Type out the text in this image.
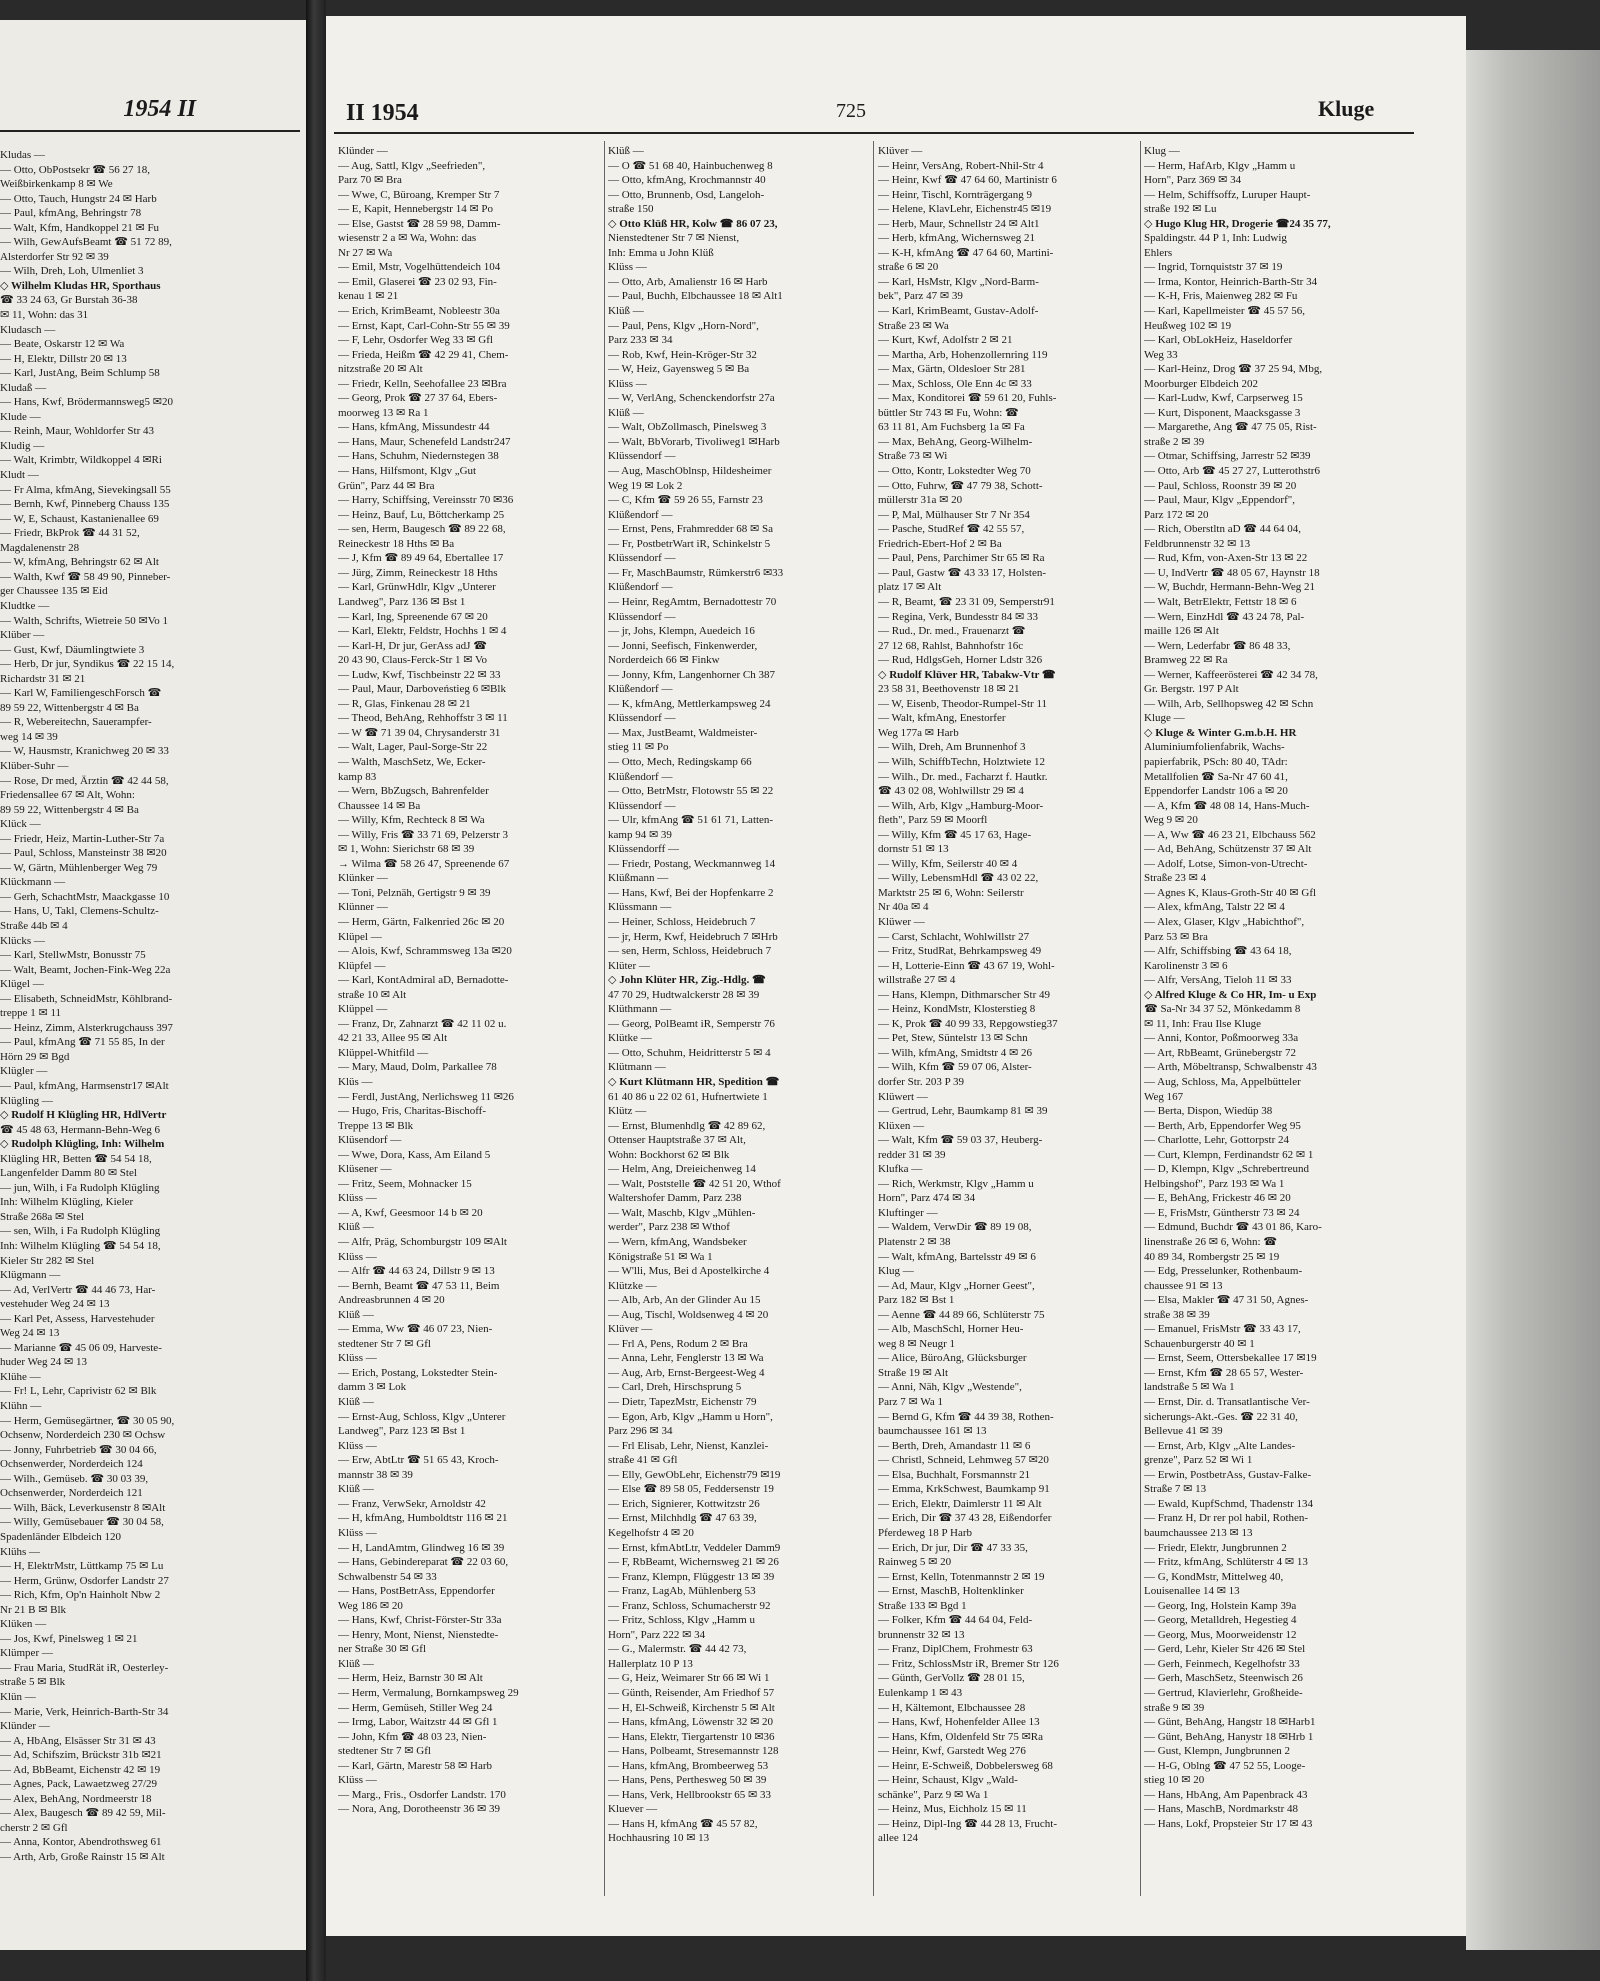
1954 II
Kludas —
— Otto, ObPostsekr ☎ 56 27 18,
Weißbirkenkamp 8 ✉ We
— Otto, Tauch, Hungstr 24 ✉ Harb
— Paul, kfmAng, Behringstr 78
— Walt, Kfm, Handkoppel 21 ✉ Fu
— Wilh, GewAufsBeamt ☎ 51 72 89,
Alsterdorfer Str 92 ✉ 39
— Wilh, Dreh, Loh, Ulmenliet 3
◇ Wilhelm Kludas HR, Sporthaus
☎ 33 24 63, Gr Burstah 36-38
✉ 11, Wohn: das 31
Kludasch —
— Beate, Oskarstr 12 ✉ Wa
— H, Elektr, Dillstr 20 ✉ 13
— Karl, JustAng, Beim Schlump 58
Kludaß —
— Hans, Kwf, Brödermannsweg5 ✉20
Klude —
— Reinh, Maur, Wohldorfer Str 43
Kludig —
— Walt, Krimbtr, Wildkoppel 4 ✉Ri
Kludt —
— Fr Alma, kfmAng, Sievekingsall 55
— Bernh, Kwf, Pinneberg Chauss 135
— W, E, Schaust, Kastanienallee 69
— Friedr, BkProk ☎ 44 31 52,
Magdalenenstr 28
— W, kfmAng, Behringstr 62 ✉ Alt
— Walth, Kwf ☎ 58 49 90, Pinneber-
ger Chaussee 135 ✉ Eid
Kludtke —
— Walth, Schrifts, Wietreie 50 ✉Vo 1
Klüber —
— Gust, Kwf, Däumlingtwiete 3
— Herb, Dr jur, Syndikus ☎ 22 15 14,
Richardstr 31 ✉ 21
— Karl W, FamiliengeschForsch ☎
89 59 22, Wittenbergstr 4 ✉ Ba
— R, Webereitechn, Sauerampfer-
weg 14 ✉ 39
— W, Hausmstr, Kranichweg 20 ✉ 33
Klüber-Suhr —
— Rose, Dr med, Ärztin ☎ 42 44 58,
Friedensallee 67 ✉ Alt, Wohn:
89 59 22, Wittenbergstr 4 ✉ Ba
Klück —
— Friedr, Heiz, Martin-Luther-Str 7a
— Paul, Schloss, Mansteinstr 38 ✉20
— W, Gärtn, Mühlenberger Weg 79
Klückmann —
— Gerh, SchachtMstr, Maackgasse 10
— Hans, U, Takl, Clemens-Schultz-
Straße 44b ✉ 4
Klücks —
— Karl, StellwMstr, Bonusstr 75
— Walt, Beamt, Jochen-Fink-Weg 22a
Klügel —
— Elisabeth, SchneidMstr, Köhlbrand-
treppe 1 ✉ 11
— Heinz, Zimm, Alsterkrugchauss 397
— Paul, kfmAng ☎ 71 55 85, In der
Hörn 29 ✉ Bgd
Klügler —
— Paul, kfmAng, Harmsenstr17 ✉Alt
Klügling —
◇ Rudolf H Klügling HR, HdlVertr
☎ 45 48 63, Hermann-Behn-Weg 6
◇ Rudolph Klügling, Inh: Wilhelm
Klügling HR, Betten ☎ 54 54 18,
Langenfelder Damm 80 ✉ Stel
— jun, Wilh, i Fa Rudolph Klügling
Inh: Wilhelm Klügling, Kieler
Straße 268a ✉ Stel
— sen, Wilh, i Fa Rudolph Klügling
Inh: Wilhelm Klügling ☎ 54 54 18,
Kieler Str 282 ✉ Stel
Klügmann —
— Ad, VerlVertr ☎ 44 46 73, Har-
vestehuder Weg 24 ✉ 13
— Karl Pet, Assess, Harvestehuder
Weg 24 ✉ 13
— Marianne ☎ 45 06 09, Harveste-
huder Weg 24 ✉ 13
Klühe —
— Fr! L, Lehr, Caprivistr 62 ✉ Blk
Klühn —
— Herm, Gemüsegärtner, ☎ 30 05 90,
Ochsenw, Norderdeich 230 ✉ Ochsw
— Jonny, Fuhrbetrieb ☎ 30 04 66,
Ochsenwerder, Norderdeich 124
— Wilh., Gemüseb. ☎ 30 03 39,
Ochsenwerder, Norderdeich 121
— Wilh, Bäck, Leverkusenstr 8 ✉Alt
— Willy, Gemüsebauer ☎ 30 04 58,
Spadenländer Elbdeich 120
Klühs —
— H, ElektrMstr, Lüttkamp 75 ✉ Lu
— Herm, Grünw, Osdorfer Landstr 27
— Rich, Kfm, Op'n Hainholt Nbw 2
Nr 21 B ✉ Blk
Klüken —
— Jos, Kwf, Pinelsweg 1 ✉ 21
Klümper —
— Frau Maria, StudRät iR, Oesterley-
straße 5 ✉ Blk
Klün —
— Marie, Verk, Heinrich-Barth-Str 34
Klünder —
— A, HbAng, Elsässer Str 31 ✉ 43
— Ad, Schifszim, Brückstr 31b ✉21
— Ad, BbBeamt, Eichenstr 42 ✉ 19
— Agnes, Pack, Lawaetzweg 27/29
— Alex, BehAng, Nordmeerstr 18
— Alex, Baugesch ☎ 89 42 59, Mil-
cherstr 2 ✉ Gfl
— Anna, Kontor, Abendrothsweg 61
— Arth, Arb, Große Rainstr 15 ✉ Alt
II 1954	725	Kluge
Klünder —
— Aug, Sattl, Klgv „Seefrieden",
Parz 70 ✉ Bra
— Wwe, C, Büroang, Kremper Str 7
— E, Kapit, Hennebergstr 14 ✉ Po
— Else, Gastst ☎ 28 59 98, Damm-
wiesenstr 2 a ✉ Wa, Wohn: das
Nr 27 ✉ Wa
— Emil, Mstr, Vogelhüttendeich 104
— Emil, Glaserei ☎ 23 02 93, Fin-
kenau 1 ✉ 21
— Erich, KrimBeamt, Nobleestr 30a
— Ernst, Kapt, Carl-Cohn-Str 55 ✉ 39
— F, Lehr, Osdorfer Weg 33 ✉ Gfl
— Frieda, Heißm ☎ 42 29 41, Chem-
nitzstraße 20 ✉ Alt
— Friedr, Kelln, Seehofallee 23 ✉Bra
— Georg, Prok ☎ 27 37 64, Ebers-
moorweg 13 ✉ Ra 1
— Hans, kfmAng, Missundestr 44
— Hans, Maur, Schenefeld Landstr247
— Hans, Schuhm, Niedernstegen 38
— Hans, Hilfsmont, Klgv „Gut
Grün", Parz 44 ✉ Bra
— Harry, Schiffsing, Vereinsstr 70 ✉36
— Heinz, Bauf, Lu, Böttcherkamp 25
— sen, Herm, Baugesch ☎ 89 22 68,
Reineckestr 18 Hths ✉ Ba
— J, Kfm ☎ 89 49 64, Ebertallee 17
— Jürg, Zimm, Reineckestr 18 Hths
— Karl, GrünwHdlr, Klgv „Unterer
Landweg", Parz 136 ✉ Bst 1
— Karl, Ing, Spreenende 67 ✉ 20
— Karl, Elektr, Feldstr, Hochhs 1 ✉ 4
— Karl-H, Dr jur, GerAss adJ ☎
20 43 90, Claus-Ferck-Str 1 ✉ Vo
— Ludw, Kwf, Tischbeinstr 22 ✉ 33
— Paul, Maur, Darboveństieg 6 ✉Blk
— R, Glas, Finkenau 28 ✉ 21
— Theod, BehAng, Rehhoffstr 3 ✉ 11
— W ☎ 71 39 04, Chrysanderstr 31
— Walt, Lager, Paul-Sorge-Str 22
— Walth, MaschSetz, We, Ecker-
kamp 83
— Wern, BbZugsch, Bahrenfelder
Chaussee 14 ✉ Ba
— Willy, Kfm, Rechteck 8 ✉ Wa
— Willy, Fris ☎ 33 71 69, Pelzerstr 3
✉ 1, Wohn: Sierichstr 68 ✉ 39
→ Wilma ☎ 58 26 47, Spreenende 67
Klünker —
— Toni, Pelznäh, Gertigstr 9 ✉ 39
Klünner —
— Herm, Gärtn, Falkenried 26c ✉ 20
Klüpel —
— Alois, Kwf, Schrammsweg 13a ✉20
Klüpfel —
— Karl, KontAdmiral aD, Bernadotte-
straße 10 ✉ Alt
Klüppel —
— Franz, Dr, Zahnarzt ☎ 42 11 02 u.
42 21 33, Allee 95 ✉ Alt
Klüppel-Whitfild —
— Mary, Maud, Dolm, Parkallee 78
Klüs —
— Ferdl, JustAng, Nerlichsweg 11 ✉26
— Hugo, Fris, Charitas-Bischoff-
Treppe 13 ✉ Blk
Klüsendorf —
— Wwe, Dora, Kass, Am Eiland 5
Klüsener —
— Fritz, Seem, Mohnacker 15
Klüss —
— A, Kwf, Geesmoor 14 b ✉ 20
Klüß —
— Alfr, Präg, Schomburgstr 109 ✉Alt
Klüss —
— Alfr ☎ 44 63 24, Dillstr 9 ✉ 13
— Bernh, Beamt ☎ 47 53 11, Beim
Andreasbrunnen 4 ✉ 20
Klüß —
— Emma, Ww ☎ 46 07 23, Nien-
stedtener Str 7 ✉ Gfl
Klüss —
— Erich, Postang, Lokstedter Stein-
damm 3 ✉ Lok
Klüß —
— Ernst-Aug, Schloss, Klgv „Unterer
Landweg", Parz 123 ✉ Bst 1
Klüss —
— Erw, AbtLtr ☎ 51 65 43, Kroch-
mannstr 38 ✉ 39
Klüß —
— Franz, VerwSekr, Arnoldstr 42
— H, kfmAng, Humboldtstr 116 ✉ 21
Klüss —
— H, LandAmtm, Glindweg 16 ✉ 39
— Hans, Gebindereparat ☎ 22 03 60,
Schwalbenstr 54 ✉ 33
— Hans, PostBetrAss, Eppendorfer
Weg 186 ✉ 20
— Hans, Kwf, Christ-Förster-Str 33a
— Henry, Mont, Nienst, Nienstedte-
ner Straße 30 ✉ Gfl
Klüß —
— Herm, Heiz, Barnstr 30 ✉ Alt
— Herm, Vermalung, Bornkampsweg 29
— Herm, Gemüseh, Stiller Weg 24
— Irmg, Labor, Waitzstr 44 ✉ Gfl 1
— John, Kfm ☎ 48 03 23, Nien-
stedtener Str 7 ✉ Gfl
— Karl, Gärtn, Marestr 58 ✉ Harb
Klüss —
— Marg., Fris., Osdorfer Landstr. 170
— Nora, Ang, Dorotheenstr 36 ✉ 39
Klüß —
— O ☎ 51 68 40, Hainbuchenweg 8
— Otto, kfmAng, Krochmannstr 40
— Otto, Brunnenb, Osd, Langeloh-
straße 150
◇ Otto Klüß HR, Kolw ☎ 86 07 23,
Nienstedtener Str 7 ✉ Nienst,
Inh: Emma u John Klüß
Klüss —
— Otto, Arb, Amalienstr 16 ✉ Harb
— Paul, Buchh, Elbchaussee 18 ✉ Alt1
Klüß —
— Paul, Pens, Klgv „Horn-Nord",
Parz 233 ✉ 34
— Rob, Kwf, Hein-Kröger-Str 32
— W, Heiz, Gayensweg 5 ✉ Ba
Klüss —
— W, VerlAng, Schenckendorfstr 27a
Klüß —
— Walt, ObZollmasch, Pinelsweg 3
— Walt, BbVorarb, Tivoliweg1 ✉Harb
Klüssendorf —
— Aug, MaschOblnsp, Hildesheimer
Weg 19 ✉ Lok 2
— C, Kfm ☎ 59 26 55, Farnstr 23
Klüßendorf —
— Ernst, Pens, Frahmredder 68 ✉ Sa
— Fr, PostbetrWart iR, Schinkelstr 5
Klüssendorf —
— Fr, MaschBaumstr, Rümkerstr6 ✉33
Klüßendorf —
— Heinr, RegAmtm, Bernadottestr 70
Klüssendorf —
— jr, Johs, Klempn, Auedeich 16
— Jonni, Seefisch, Finkenwerder,
Norderdeich 66 ✉ Finkw
— Jonny, Kfm, Langenhorner Ch 387
Klüßendorf —
— K, kfmAng, Mettlerkampsweg 24
Klüssendorf —
— Max, JustBeamt, Waldmeister-
stieg 11 ✉ Po
— Otto, Mech, Redingskamp 66
Klüßendorf —
— Otto, BetrMstr, Flotowstr 55 ✉ 22
Klüssendorf —
— Ulr, kfmAng ☎ 51 61 71, Latten-
kamp 94 ✉ 39
Klüssendorff —
— Friedr, Postang, Weckmannweg 14
Klüßmann —
— Hans, Kwf, Bei der Hopfenkarre 2
Klüssmann —
— Heiner, Schloss, Heidebruch 7
— jr, Herm, Kwf, Heidebruch 7 ✉Hrb
— sen, Herm, Schloss, Heidebruch 7
Klüter —
◇ John Klüter HR, Zig.-Hdlg. ☎
47 70 29, Hudtwalckerstr 28 ✉ 39
Klüthmann —
— Georg, PolBeamt iR, Semperstr 76
Klütke —
— Otto, Schuhm, Heidritterstr 5 ✉ 4
Klütmann —
◇ Kurt Klütmann HR, Spedition ☎
61 40 86 u 22 02 61, Hufnertwiete 1
Klütz —
— Ernst, Blumenhdlg ☎ 42 89 62,
Ottenser Hauptstraße 37 ✉ Alt,
Wohn: Bockhorst 62 ✉ Blk
— Helm, Ang, Dreieichenweg 14
— Walt, Poststelle ☎ 42 51 20, Wthof
Waltershofer Damm, Parz 238
— Walt, Maschb, Klgv „Mühlen-
werder", Parz 238 ✉ Wthof
— Wern, kfmAng, Wandsbeker
Königstraße 51 ✉ Wa 1
— W'lli, Mus, Bei d Apostelkirche 4
Klützke —
— Alb, Arb, An der Glinder Au 15
— Aug, Tischl, Woldsenweg 4 ✉ 20
Klüver —
— Frl A, Pens, Rodum 2 ✉ Bra
— Anna, Lehr, Fenglerstr 13 ✉ Wa
— Aug, Arb, Ernst-Bergeest-Weg 4
— Carl, Dreh, Hirschsprung 5
— Dietr, TapezMstr, Eichenstr 79
— Egon, Arb, Klgv „Hamm u Horn",
Parz 296 ✉ 34
— Frl Elisab, Lehr, Nienst, Kanzlei-
straße 41 ✉ Gfl
— Elly, GewObLehr, Eichenstr79 ✉19
— Else ☎ 89 58 05, Feddersenstr 19
— Erich, Signierer, Kottwitzstr 26
— Ernst, Milchhdlg ☎ 47 63 39,
Kegelhofstr 4 ✉ 20
— Ernst, kfmAbtLtr, Veddeler Damm9
— F, RbBeamt, Wichernsweg 21 ✉ 26
— Franz, Klempn, Flüggestr 13 ✉ 39
— Franz, LagAb, Mühlenberg 53
— Franz, Schloss, Schumacherstr 92
— Fritz, Schloss, Klgv „Hamm u
Horn", Parz 222 ✉ 34
— G., Malermstr. ☎ 44 42 73,
Hallerplatz 10 P 13
— G, Heiz, Weimarer Str 66 ✉ Wi 1
— Günth, Reisender, Am Friedhof 57
— H, El-Schweiß, Kirchenstr 5 ✉ Alt
— Hans, kfmAng, Löwenstr 32 ✉ 20
— Hans, Elektr, Tiergartenstr 10 ✉36
— Hans, Polbeamt, Stresemannstr 128
— Hans, kfmAng, Brombeerweg 53
— Hans, Pens, Perthesweg 50 ✉ 39
— Hans, Verk, Hellbrookstr 65 ✉ 33
Kluever —
— Hans H, kfmAng ☎ 45 57 82,
Hochhausring 10 ✉ 13
Klüver —
— Heinr, VersAng, Robert-Nhil-Str 4
— Heinr, Kwf ☎ 47 64 60, Martinistr 6
— Heinr, Tischl, Kornträgergang 9
— Helene, KlavLehr, Eichenstr45 ✉19
— Herb, Maur, Schnellstr 24 ✉ Alt1
— Herb, kfmAng, Wichernsweg 21
— K-H, kfmAng ☎ 47 64 60, Martini-
straße 6 ✉ 20
— Karl, HsMstr, Klgv „Nord-Barm-
bek", Parz 47 ✉ 39
— Karl, KrimBeamt, Gustav-Adolf-
Straße 23 ✉ Wa
— Kurt, Kwf, Adolfstr 2 ✉ 21
— Martha, Arb, Hohenzollernring 119
— Max, Gärtn, Oldesloer Str 281
— Max, Schloss, Ole Enn 4c ✉ 33
— Max, Konditorei ☎ 59 61 20, Fuhls-
büttler Str 743 ✉ Fu, Wohn: ☎
63 11 81, Am Fuchsberg 1a ✉ Fa
— Max, BehAng, Georg-Wilhelm-
Straße 73 ✉ Wi
— Otto, Kontr, Lokstedter Weg 70
— Otto, Fuhrw, ☎ 47 79 38, Schott-
müllerstr 31a ✉ 20
— P, Mal, Mülhauser Str 7 Nr 354
— Pasche, StudRef ☎ 42 55 57,
Friedrich-Ebert-Hof 2 ✉ Ba
— Paul, Pens, Parchimer Str 65 ✉ Ra
— Paul, Gastw ☎ 43 33 17, Holsten-
platz 17 ✉ Alt
— R, Beamt, ☎ 23 31 09, Semperstr91
— Regina, Verk, Bundesstr 84 ✉ 33
— Rud., Dr. med., Frauenarzt ☎
27 12 68, Rahlst, Bahnhofstr 16c
— Rud, HdlgsGeh, Horner Ldstr 326
◇ Rudolf Klüver HR, Tabakw-Vtr ☎
23 58 31, Beethovenstr 18 ✉ 21
— W, Eisenb, Theodor-Rumpel-Str 11
— Walt, kfmAng, Enestorfer
Weg 177a ✉ Harb
— Wilh, Dreh, Am Brunnenhof 3
— Wilh, SchiffbTechn, Holztwiete 12
— Wilh., Dr. med., Facharzt f. Hautkr.
☎ 43 02 08, Wohlwillstr 29 ✉ 4
— Wilh, Arb, Klgv „Hamburg-Moor-
fleth", Parz 59 ✉ Moorfl
— Willy, Kfm ☎ 45 17 63, Hage-
dornstr 51 ✉ 13
— Willy, Kfm, Seilerstr 40 ✉ 4
— Willy, LebensmHdl ☎ 43 02 22,
Marktstr 25 ✉ 6, Wohn: Seilerstr
Nr 40a ✉ 4
Klüwer —
— Carst, Schlacht, Wohlwillstr 27
— Fritz, StudRat, Behrkampsweg 49
— H, Lotterie-Einn ☎ 43 67 19, Wohl-
willstraße 27 ✉ 4
— Hans, Klempn, Dithmarscher Str 49
— Heinz, KondMstr, Klosterstieg 8
— K, Prok ☎ 40 99 33, Repgowstieg37
— Pet, Stew, Süntelstr 13 ✉ Schn
— Wilh, kfmAng, Smidtstr 4 ✉ 26
— Wilh, Kfm ☎ 59 07 06, Alster-
dorfer Str. 203 P 39
Klüwert —
— Gertrud, Lehr, Baumkamp 81 ✉ 39
Klüxen —
— Walt, Kfm ☎ 59 03 37, Heuberg-
redder 31 ✉ 39
Klufka —
— Rich, Werkmstr, Klgv „Hamm u
Horn", Parz 474 ✉ 34
Kluftinger —
— Waldem, VerwDir ☎ 89 19 08,
Platenstr 2 ✉ 38
— Walt, kfmAng, Bartelsstr 49 ✉ 6
Klug —
— Ad, Maur, Klgv „Horner Geest",
Parz 182 ✉ Bst 1
— Aenne ☎ 44 89 66, Schlüterstr 75
— Alb, MaschSchl, Horner Heu-
weg 8 ✉ Neugr 1
— Alice, BüroAng, Glücksburger
Straße 19 ✉ Alt
— Anni, Näh, Klgv „Westende",
Parz 7 ✉ Wa 1
— Bernd G, Kfm ☎ 44 39 38, Rothen-
baumchaussee 161 ✉ 13
— Berth, Dreh, Amandastr 11 ✉ 6
— Christl, Schneid, Lehmweg 57 ✉20
— Elsa, Buchhalt, Forsmannstr 21
— Emma, KrkSchwest, Baumkamp 91
— Erich, Elektr, Daimlerstr 11 ✉ Alt
— Erich, Dir ☎ 37 43 28, Eißendorfer
Pferdeweg 18 P Harb
— Erich, Dr jur, Dir ☎ 47 33 35,
Rainweg 5 ✉ 20
— Ernst, Kelln, Totenmannstr 2 ✉ 19
— Ernst, MaschB, Holtenklinker
Straße 133 ✉ Bgd 1
— Folker, Kfm ☎ 44 64 04, Feld-
brunnenstr 32 ✉ 13
— Franz, DiplChem, Frohmestr 63
— Fritz, SchlossMstr iR, Bremer Str 126
— Günth, GerVollz ☎ 28 01 15,
Eulenkamp 1 ✉ 43
— H, Kältemont, Elbchaussee 28
— Hans, Kwf, Hohenfelder Allee 13
— Hans, Kfm, Oldenfeld Str 75 ✉Ra
— Heinr, Kwf, Garstedt Weg 276
— Heinr, E-Schweiß, Dobbelersweg 68
— Heinr, Schaust, Klgv „Wald-
schänke", Parz 9 ✉ Wa 1
— Heinz, Mus, Eichholz 15 ✉ 11
— Heinz, Dipl-Ing ☎ 44 28 13, Frucht-
allee 124
Klug —
— Herm, HafArb, Klgv „Hamm u
Horn", Parz 369 ✉ 34
— Helm, Schiffsoffz, Luruper Haupt-
straße 192 ✉ Lu
◇ Hugo Klug HR, Drogerie ☎24 35 77,
Spaldingstr. 44 P 1, Inh: Ludwig
Ehlers
— Ingrid, Tornquiststr 37 ✉ 19
— Irma, Kontor, Heinrich-Barth-Str 34
— K-H, Fris, Maienweg 282 ✉ Fu
— Karl, Kapellmeister ☎ 45 57 56,
Heußweg 102 ✉ 19
— Karl, ObLokHeiz, Haseldorfer
Weg 33
— Karl-Heinz, Drog ☎ 37 25 94, Mbg,
Moorburger Elbdeich 202
— Karl-Ludw, Kwf, Carpserweg 15
— Kurt, Disponent, Maacksgasse 3
— Margarethe, Ang ☎ 47 75 05, Rist-
straße 2 ✉ 39
— Otmar, Schiffsing, Jarrestr 52 ✉39
— Otto, Arb ☎ 45 27 27, Lutterothstr6
— Paul, Schloss, Roonstr 39 ✉ 20
— Paul, Maur, Klgv „Eppendorf",
Parz 172 ✉ 20
— Rich, Oberstltn aD ☎ 44 64 04,
Feldbrunnenstr 32 ✉ 13
— Rud, Kfm, von-Axen-Str 13 ✉ 22
— U, IndVertr ☎ 48 05 67, Haynstr 18
— W, Buchdr, Hermann-Behn-Weg 21
— Walt, BetrElektr, Fettstr 18 ✉ 6
— Wern, EinzHdl ☎ 43 24 78, Pal-
maille 126 ✉ Alt
— Wern, Lederfabr ☎ 86 48 33,
Bramweg 22 ✉ Ra
— Werner, Kaffeerösterei ☎ 42 34 78,
Gr. Bergstr. 197 P Alt
— Wilh, Arb, Sellhopsweg 42 ✉ Schn
Kluge —
◇ Kluge & Winter G.m.b.H. HR
Aluminiumfolienfabrik, Wachs-
papierfabrik, PSch: 80 40, TAdr:
Metallfolien ☎ Sa-Nr 47 60 41,
Eppendorfer Landstr 106 a ✉ 20
— A, Kfm ☎ 48 08 14, Hans-Much-
Weg 9 ✉ 20
— A, Ww ☎ 46 23 21, Elbchauss 562
— Ad, BehAng, Schützenstr 37 ✉ Alt
— Adolf, Lotse, Simon-von-Utrecht-
Straße 23 ✉ 4
— Agnes K, Klaus-Groth-Str 40 ✉ Gfl
— Alex, kfmAng, Talstr 22 ✉ 4
— Alex, Glaser, Klgv „Habichthof",
Parz 53 ✉ Bra
— Alfr, Schiffsbing ☎ 43 64 18,
Karolinenstr 3 ✉ 6
— Alfr, VersAng, Tieloh 11 ✉ 33
◇ Alfred Kluge & Co HR, Im- u Exp
☎ Sa-Nr 34 37 52, Mönkedamm 8
✉ 11, Inh: Frau Ilse Kluge
— Anni, Kontor, Poßmoorweg 33a
— Art, RbBeamt, Grünebergstr 72
— Arth, Möbeltransp, Schwalbenstr 43
— Aug, Schloss, Ma, Appelbütteler
Weg 167
— Berta, Dispon, Wiedüp 38
— Berth, Arb, Eppendorfer Weg 95
— Charlotte, Lehr, Gottorpstr 24
— Curt, Klempn, Ferdinandstr 62 ✉ 1
— D, Klempn, Klgv „Schrebertreund
Helbingshof", Parz 193 ✉ Wa 1
— E, BehAng, Frickestr 46 ✉ 20
— E, FrisMstr, Güntherstr 73 ✉ 24
— Edmund, Buchdr ☎ 43 01 86, Karo-
linenstraße 26 ✉ 6, Wohn: ☎
40 89 34, Rombergstr 25 ✉ 19
— Edg, Presselunker, Rothenbaum-
chaussee 91 ✉ 13
— Elsa, Makler ☎ 47 31 50, Agnes-
straße 38 ✉ 39
— Emanuel, FrisMstr ☎ 33 43 17,
Schauenburgerstr 40 ✉ 1
— Ernst, Seem, Ottersbekallee 17 ✉19
— Ernst, Kfm ☎ 28 65 57, Wester-
landstraße 5 ✉ Wa 1
— Ernst, Dir. d. Transatlantische Ver-
sicherungs-Akt.-Ges. ☎ 22 31 40,
Bellevue 41 ✉ 39
— Ernst, Arb, Klgv „Alte Landes-
grenze", Parz 52 ✉ Wi 1
— Erwin, PostbetrAss, Gustav-Falke-
Straße 7 ✉ 13
— Ewald, KupfSchmd, Thadenstr 134
— Franz H, Dr rer pol habil, Rothen-
baumchaussee 213 ✉ 13
— Friedr, Elektr, Jungbrunnen 2
— Fritz, kfmAng, Schlüterstr 4 ✉ 13
— G, KondMstr, Mittelweg 40,
Louisenallee 14 ✉ 13
— Georg, Ing, Holstein Kamp 39a
— Georg, Metalldreh, Hegestieg 4
— Georg, Mus, Moorweidenstr 12
— Gerd, Lehr, Kieler Str 426 ✉ Stel
— Gerh, Feinmech, Kegelhofstr 33
— Gerh, MaschSetz, Steenwisch 26
— Gertrud, Klavierlehr, Großheide-
straße 9 ✉ 39
— Günt, BehAng, Hangstr 18 ✉Harb1
— Günt, BehAng, Hanystr 18 ✉Hrb 1
— Gust, Klempn, Jungbrunnen 2
— H-G, Oblng ☎ 47 52 55, Looge-
stieg 10 ✉ 20
— Hans, HbAng, Am Papenbrack 43
— Hans, MaschB, Nordmarkstr 48
— Hans, Lokf, Propsteier Str 17 ✉ 43
